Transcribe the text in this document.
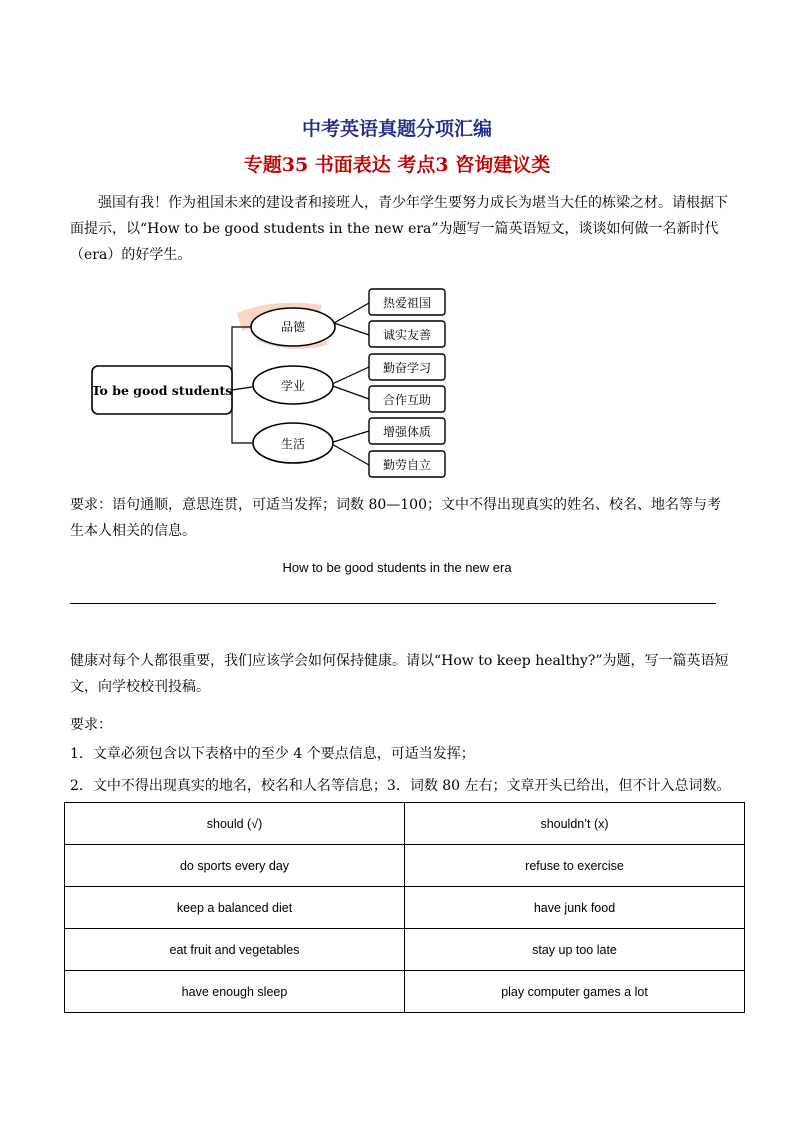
中考英语真题分项汇编
专题35 书面表达 考点3 咨询建议类
强国有我！作为祖国未来的建设者和接班人，青少年学生要努力成长为堪当大任的栋梁之材。请根据下面提示，以“How to be good students in the new era”为题写一篇英语短文，谈谈如何做一名新时代（era）的好学生。
To be good students
品德
学业
生活
热爱祖国
诚实友善
勤奋学习
合作互助
增强体质
勤劳自立
要求：语句通顺，意思连贯，可适当发挥；词数 80—100；文中不得出现真实的姓名、校名、地名等与考生本人相关的信息。
How to be good students in the new era
健康对每个人都很重要，我们应该学会如何保持健康。请以“How to keep healthy?”为题，写一篇英语短文，向学校校刊投稿。
要求：
1．文章必须包含以下表格中的至少 4 个要点信息，可适当发挥；
2．文中不得出现真实的地名，校名和人名等信息；3．词数 80 左右；文章开头已给出，但不计入总词数。
should (√)	shouldn’t (x)
do sports every day	refuse to exercise
keep a balanced diet	have junk food
eat fruit and vegetables	stay up too late
have enough sleep	play computer games a lot
